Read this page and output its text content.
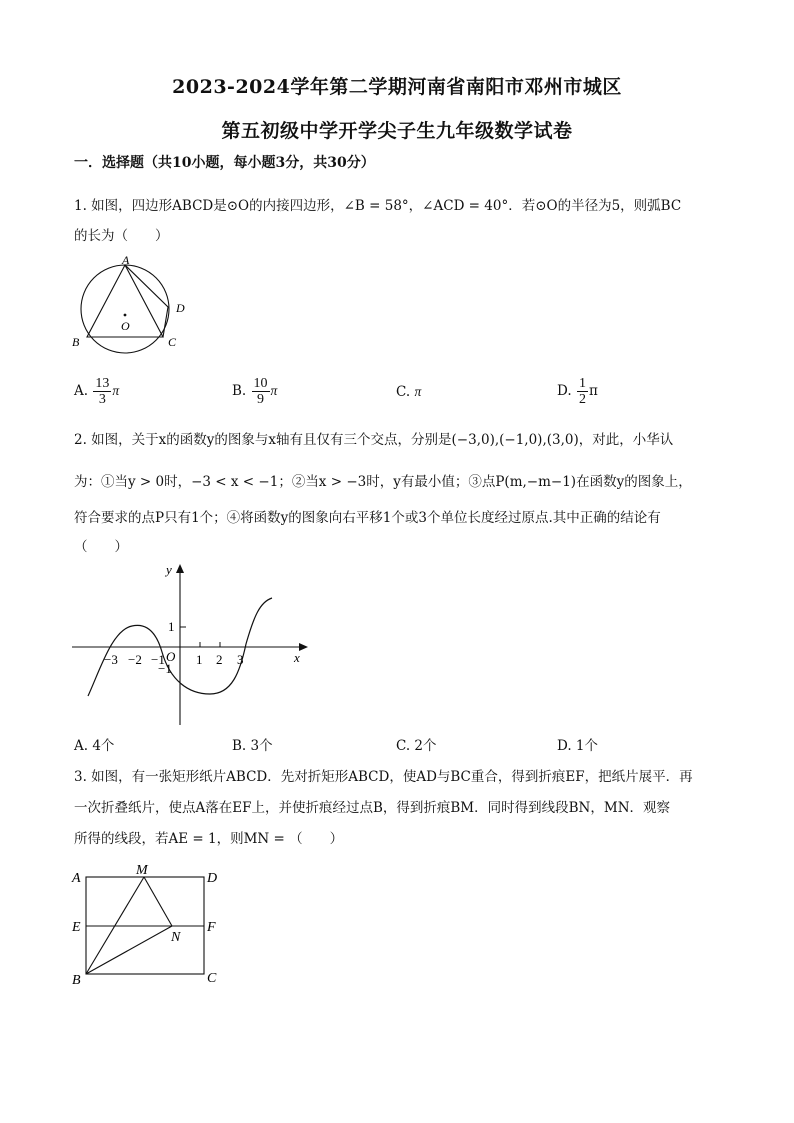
2023-2024学年第二学期河南省南阳市邓州市城区
第五初级中学开学尖子生九年级数学试卷
一．选择题（共10小题，每小题3分，共30分）
1. 如图，四边形ABCD是⊙O的内接四边形，∠B = 58°，∠ACD = 40°．若⊙O的半径为5，则弧BC
的长为（　　）
A
B	C
D
O
A. $\frac{13}{3}$ π	B. $\frac{10}{9}$ π	C. π	D. $\frac{1}{2}$ π
2. 如图，关于x的函数y的图象与x轴有且仅有三个交点，分别是(−3,0),(−1,0),(3,0)，对此，小华认
为：①当y > 0时，−3 < x < −1；②当x > −3时，y有最小值；③点P(m,−m−1)在函数y的图象上，
符合要求的点P只有1个；④将函数y的图象向右平移1个或3个单位长度经过原点.其中正确的结论有
（　　）
y
x
O
1
−1
−3 −2 −1 1 2 3
A. 4个	B. 3个	C. 2个	D. 1个
3. 如图，有一张矩形纸片ABCD．先对折矩形ABCD，使AD与BC重合，得到折痕EF，把纸片展平．再
一次折叠纸片，使点A落在EF上，并使折痕经过点B，得到折痕BM．同时得到线段BN，MN．观察
所得的线段，若AE = 1，则MN = （　　）
A
M
D
E	F
N
B	C
